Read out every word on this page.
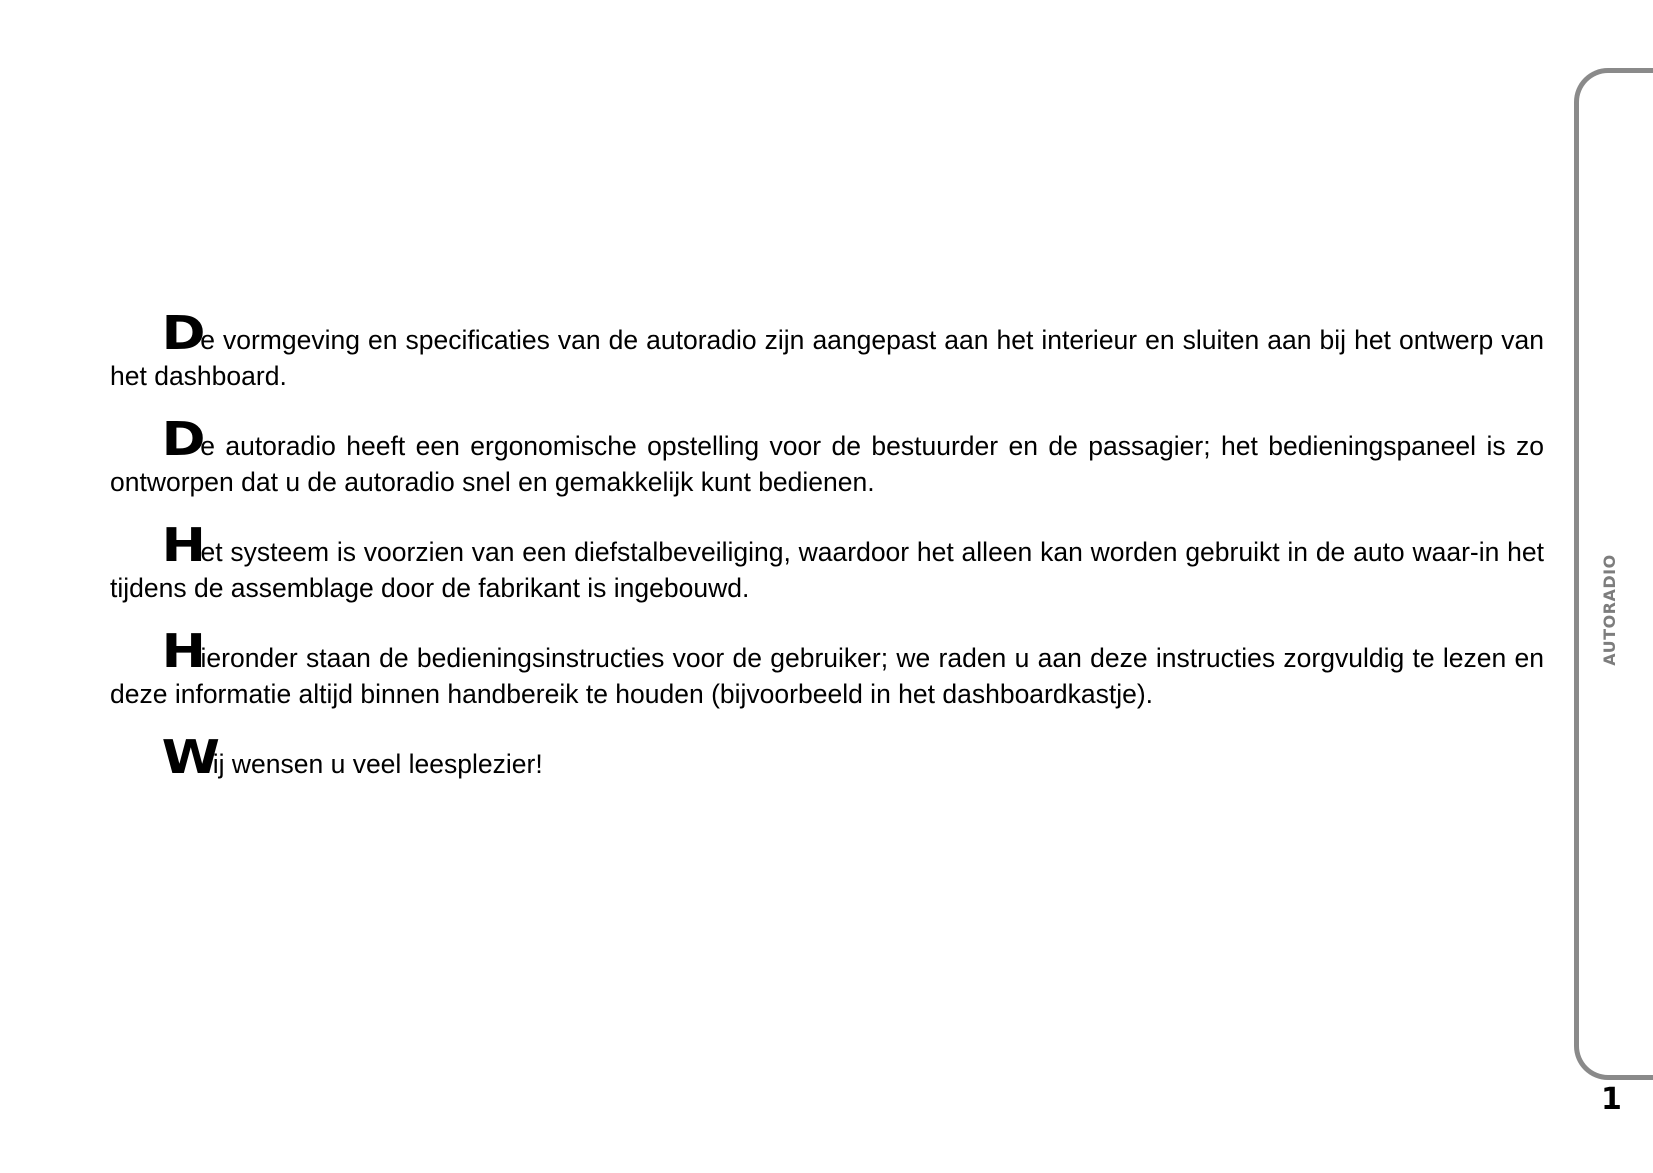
De vormgeving en specificaties van de autoradio zijn aangepast aan het interieur en sluiten aan bij het ontwerp van het dashboard.

De autoradio heeft een ergonomische opstelling voor de bestuurder en de passagier; het bedieningspaneel is zo ontworpen dat u de autoradio snel en gemakkelijk kunt bedienen.

Het systeem is voorzien van een diefstalbeveiliging, waardoor het alleen kan worden gebruikt in de auto waar-in het tijdens de assemblage door de fabrikant is ingebouwd.

Hieronder staan de bedieningsinstructies voor de gebruiker; we raden u aan deze instructies zorgvuldig te lezen en deze informatie altijd binnen handbereik te houden (bijvoorbeeld in het dashboardkastje).

Wij wensen u veel leesplezier!

AUTORADIO
1
